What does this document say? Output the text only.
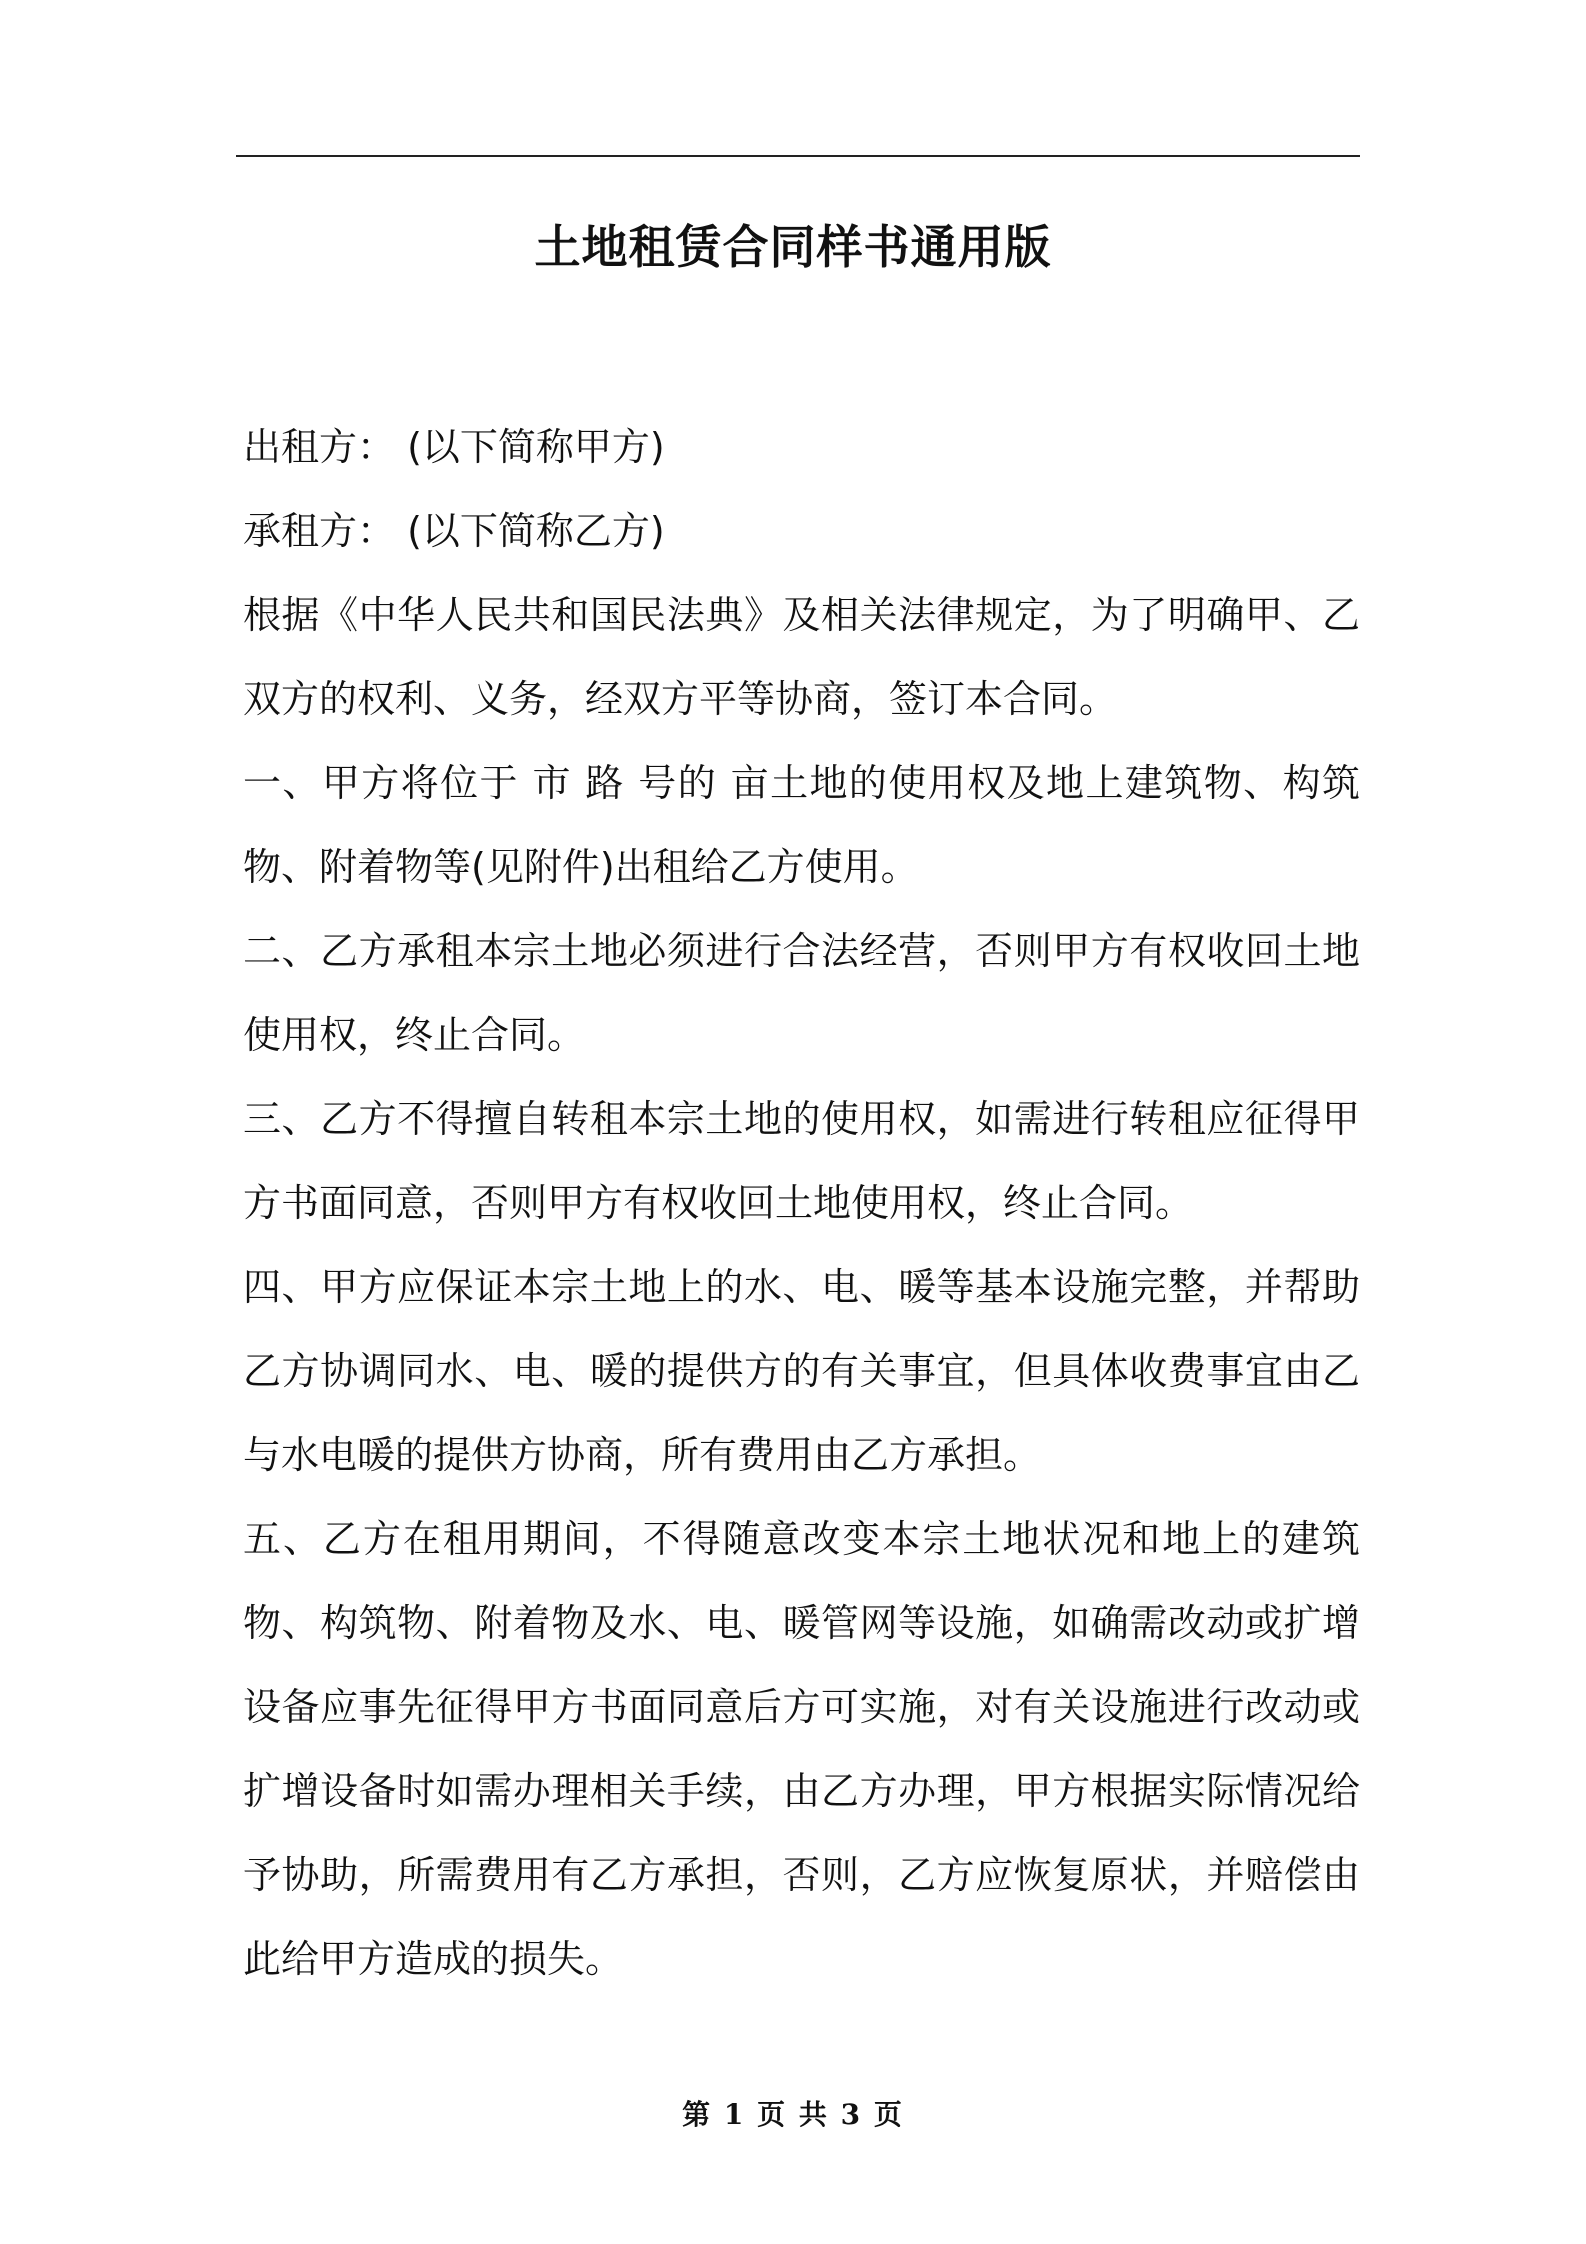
土地租赁合同样书通用版

出租方： (以下简称甲方)

承租方： (以下简称乙方)

根据《中华人民共和国民法典》及相关法律规定，为了明确甲、乙双方的权利、义务，经双方平等协商，签订本合同。

一、甲方将位于 市 路 号的 亩土地的使用权及地上建筑物、构筑物、附着物等(见附件)出租给乙方使用。

二、乙方承租本宗土地必须进行合法经营，否则甲方有权收回土地使用权，终止合同。

三、乙方不得擅自转租本宗土地的使用权，如需进行转租应征得甲方书面同意，否则甲方有权收回土地使用权，终止合同。

四、甲方应保证本宗土地上的水、电、暖等基本设施完整，并帮助乙方协调同水、电、暖的提供方的有关事宜，但具体收费事宜由乙与水电暖的提供方协商，所有费用由乙方承担。

五、乙方在租用期间，不得随意改变本宗土地状况和地上的建筑物、构筑物、附着物及水、电、暖管网等设施，如确需改动或扩增设备应事先征得甲方书面同意后方可实施，对有关设施进行改动或扩增设备时如需办理相关手续，由乙方办理，甲方根据实际情况给予协助，所需费用有乙方承担，否则，乙方应恢复原状，并赔偿由此给甲方造成的损失。

第 1 页 共 3 页
